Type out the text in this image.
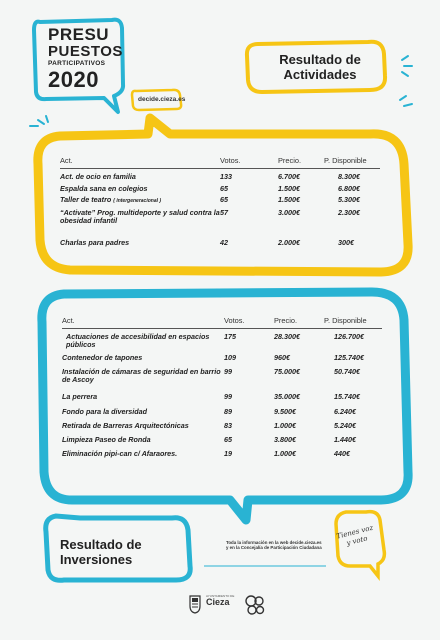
PRESU
PUESTOS
PARTICIPATIVOS
2020
decide.cieza.es
Resultado de Actividades
Act.	Votos.	Precio.	P. Disponible
Act. de ocio en familia	133	6.700€	8.300€
Espalda sana en colegios	65	1.500€	6.800€
Taller de teatro ( intergeneracional )	65	1.500€	5.300€
“Activate” Prog. multideporte y salud contra la obesidad infantil	57	3.000€	2.300€
Charlas para padres	42	2.000€	300€
Act.	Votos.	Precio.	P. Disponible
Actuaciones de accesibilidad en espacios públicos	175	28.300€	126.700€
Contenedor de tapones	109	960€	125.740€
Instalación de cámaras de seguridad en barrio de Ascoy	99	75.000€	50.740€
La perrera	99	35.000€	15.740€
Fondo para la diversidad	89	9.500€	6.240€
Retirada de Barreras Arquitectónicas	83	1.000€	5.240€
Limpieza Paseo de Ronda	65	3.800€	1.440€
Eliminación pipi-can c/ Afaraores.	19	1.000€	440€
Resultado de Inversiones
Toda la información en la web decide.cieza.es y en la Concejalía de Participación Ciudadana
Tienes voz y voto
AYUNTAMIENTO DE
Cieza
